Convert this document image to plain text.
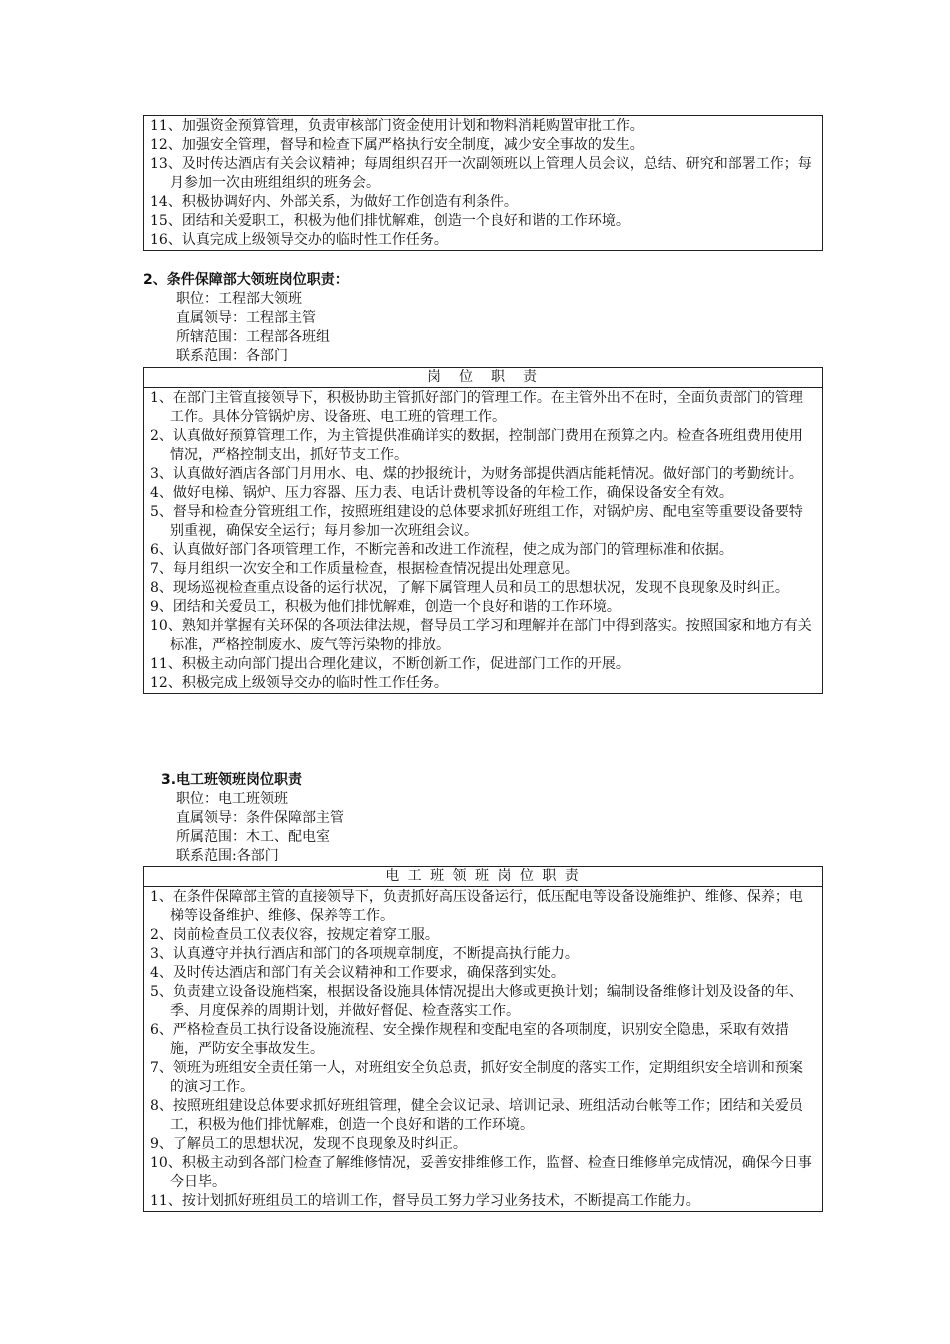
11、加强资金预算管理，负责审核部门资金使用计划和物料消耗购置审批工作。
12、加强安全管理，督导和检查下属严格执行安全制度，减少安全事故的发生。
13、及时传达酒店有关会议精神；每周组织召开一次副领班以上管理人员会议，总结、研究和部署工作；每月参加一次由班组组织的班务会。
14、积极协调好内、外部关系，为做好工作创造有利条件。
15、团结和关爱职工，积极为他们排忧解难，创造一个良好和谐的工作环境。
16、认真完成上级领导交办的临时性工作任务。
2、条件保障部大领班岗位职责：
职位：工程部大领班
直属领导：工程部主管
所辖范围：工程部各班组
联系范围：各部门
岗　位　职　责
1、在部门主管直接领导下，积极协助主管抓好部门的管理工作。在主管外出不在时，全面负责部门的管理工作。具体分管锅炉房、设备班、电工班的管理工作。
2、认真做好预算管理工作，为主管提供准确详实的数据，控制部门费用在预算之内。检查各班组费用使用情况，严格控制支出，抓好节支工作。
3、认真做好酒店各部门月用水、电、煤的抄报统计，为财务部提供酒店能耗情况。做好部门的考勤统计。
4、做好电梯、锅炉、压力容器、压力表、电话计费机等设备的年检工作，确保设备安全有效。
5、督导和检查分管班组工作，按照班组建设的总体要求抓好班组工作，对锅炉房、配电室等重要设备要特别重视，确保安全运行；每月参加一次班组会议。
6、认真做好部门各项管理工作，不断完善和改进工作流程，使之成为部门的管理标准和依据。
7、每月组织一次安全和工作质量检查，根据检查情况提出处理意见。
8、现场巡视检查重点设备的运行状况，了解下属管理人员和员工的思想状况，发现不良现象及时纠正。
9、团结和关爱员工，积极为他们排忧解难，创造一个良好和谐的工作环境。
10、熟知并掌握有关环保的各项法律法规，督导员工学习和理解并在部门中得到落实。按照国家和地方有关标准，严格控制废水、废气等污染物的排放。
11、积极主动向部门提出合理化建议，不断创新工作，促进部门工作的开展。
12、积极完成上级领导交办的临时性工作任务。
3.电工班领班岗位职责
职位：电工班领班
直属领导：条件保障部主管
所属范围：木工、配电室
联系范围:各部门
电 工 班 领 班 岗 位 职 责
1、在条件保障部主管的直接领导下，负责抓好高压设备运行，低压配电等设备设施维护、维修、保养；电梯等设备维护、维修、保养等工作。
2、岗前检查员工仪表仪容，按规定着穿工服。
3、认真遵守并执行酒店和部门的各项规章制度，不断提高执行能力。
4、及时传达酒店和部门有关会议精神和工作要求，确保落到实处。
5、负责建立设备设施档案，根据设备设施具体情况提出大修或更换计划；编制设备维修计划及设备的年、季、月度保养的周期计划，并做好督促、检查落实工作。
6、严格检查员工执行设备设施流程、安全操作规程和变配电室的各项制度，识别安全隐患，采取有效措施，严防安全事故发生。
7、领班为班组安全责任第一人，对班组安全负总责，抓好安全制度的落实工作，定期组织安全培训和预案的演习工作。
8、按照班组建设总体要求抓好班组管理，健全会议记录、培训记录、班组活动台帐等工作；团结和关爱员工，积极为他们排忧解难，创造一个良好和谐的工作环境。
9、了解员工的思想状况，发现不良现象及时纠正。
10、积极主动到各部门检查了解维修情况，妥善安排维修工作，监督、检查日维修单完成情况，确保今日事今日毕。
11、按计划抓好班组员工的培训工作，督导员工努力学习业务技术，不断提高工作能力。
